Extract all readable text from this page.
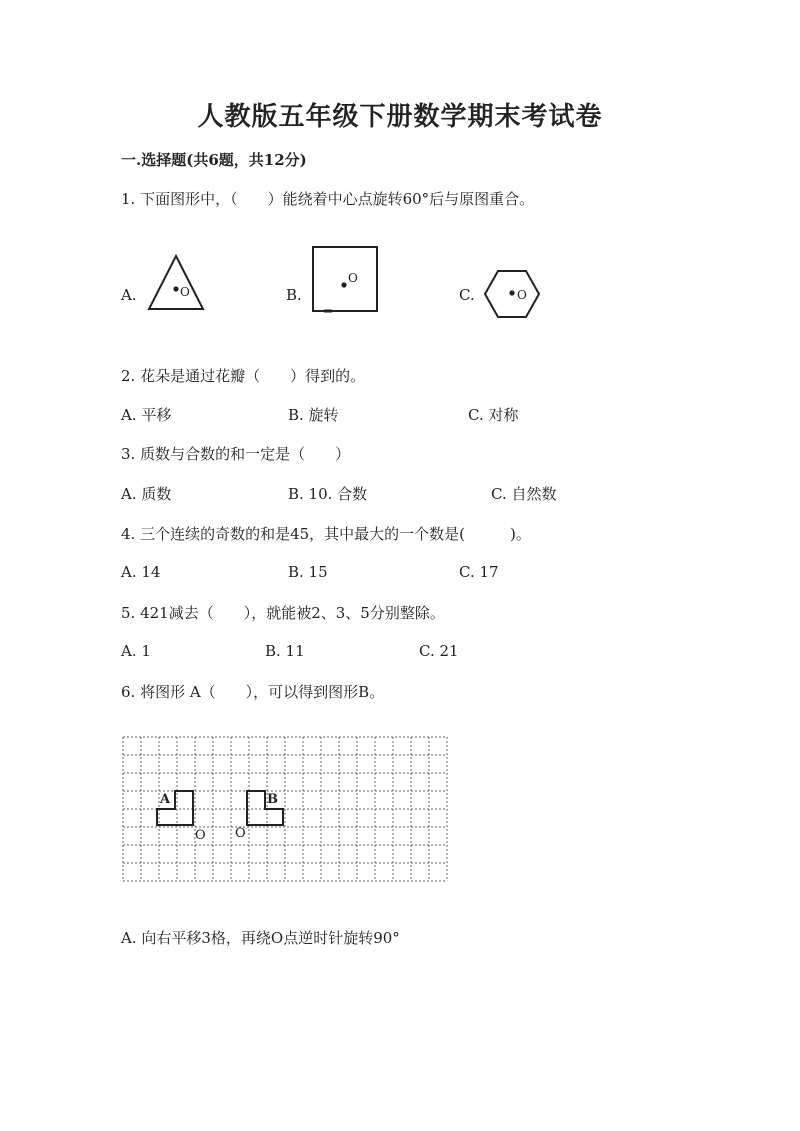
人教版五年级下册数学期末考试卷
一.选择题(共6题，共12分)
1. 下面图形中，（　　）能绕着中心点旋转60°后与原图重合。
A.	B.	C.
O
O
O
2. 花朵是通过花瓣（　　）得到的。
A. 平移	B. 旋转	C. 对称
3. 质数与合数的和一定是（　　）
A. 质数	B. 10. 合数	C. 自然数
4. 三个连续的奇数的和是45，其中最大的一个数是(　　　)。
A. 14	B. 15	C. 17
5. 421减去（　　），就能被2、3、5分别整除。
A. 1	B. 11	C. 21
6. 将图形 A（　　），可以得到图形B。
A	B
O O
A. 向右平移3格，再绕O点逆时针旋转90°
